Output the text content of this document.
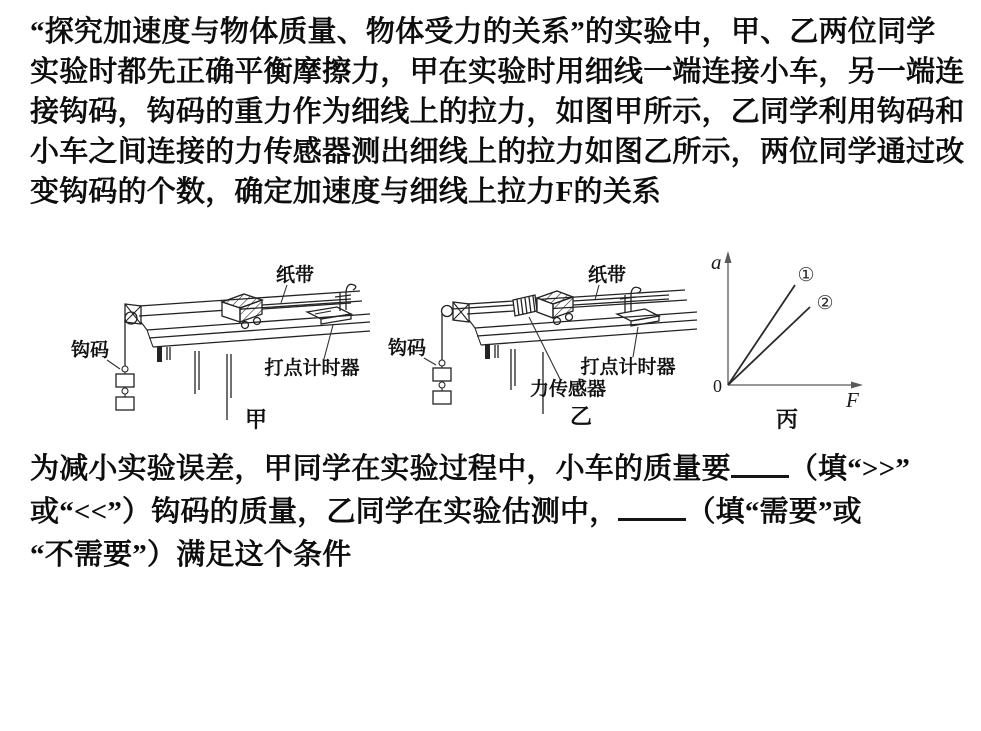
“探究加速度与物体质量、物体受力的关系”的实验中，甲、乙两位同学
实验时都先正确平衡摩擦力，甲在实验时用细线一端连接小车，另一端连
接钩码，钩码的重力作为细线上的拉力，如图甲所示，乙同学利用钩码和
小车之间连接的力传感器测出细线上的拉力如图乙所示，两位同学通过改
变钩码的个数，确定加速度与细线上拉力F的关系
纸带
钩码
打点计时器
甲
纸带
钩码
打点计时器
力传感器
乙
a
0
F
①
②
丙
为减小实验误差，甲同学在实验过程中，小车的质量要 （填“>>”
或“<<”）钩码的质量，乙同学在实验估测中， （填“需要”或
“不需要”）满足这个条件
